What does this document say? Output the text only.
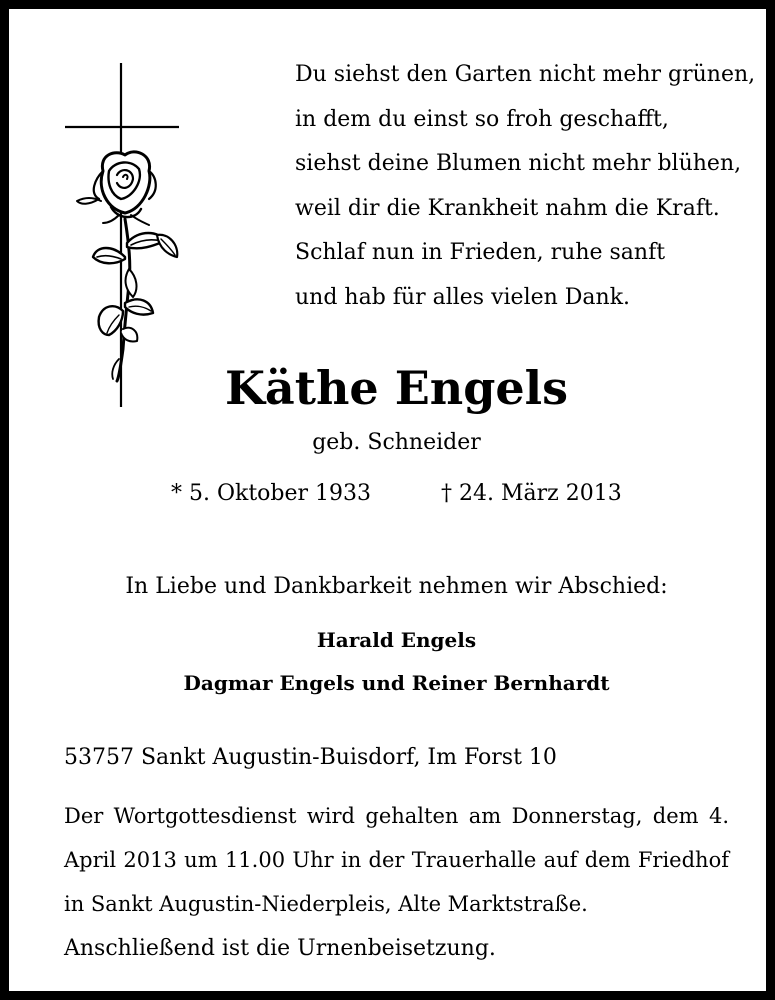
Du siehst den Garten nicht mehr grünen,
in dem du einst so froh geschafft,
siehst deine Blumen nicht mehr blühen,
weil dir die Krankheit nahm die Kraft.
Schlaf nun in Frieden, ruhe sanft
und hab für alles vielen Dank.
Käthe Engels
geb. Schneider
* 5. Oktober 1933	† 24. März 2013
In Liebe und Dankbarkeit nehmen wir Abschied:
Harald Engels
Dagmar Engels und Reiner Bernhardt
53757 Sankt Augustin-Buisdorf, Im Forst 10
Der Wortgottesdienst wird gehalten am Donnerstag, dem 4. April 2013 um 11.00 Uhr in der Trauerhalle auf dem Friedhof in Sankt Augustin-Niederpleis, Alte Marktstraße.
Anschließend ist die Urnenbeisetzung.
